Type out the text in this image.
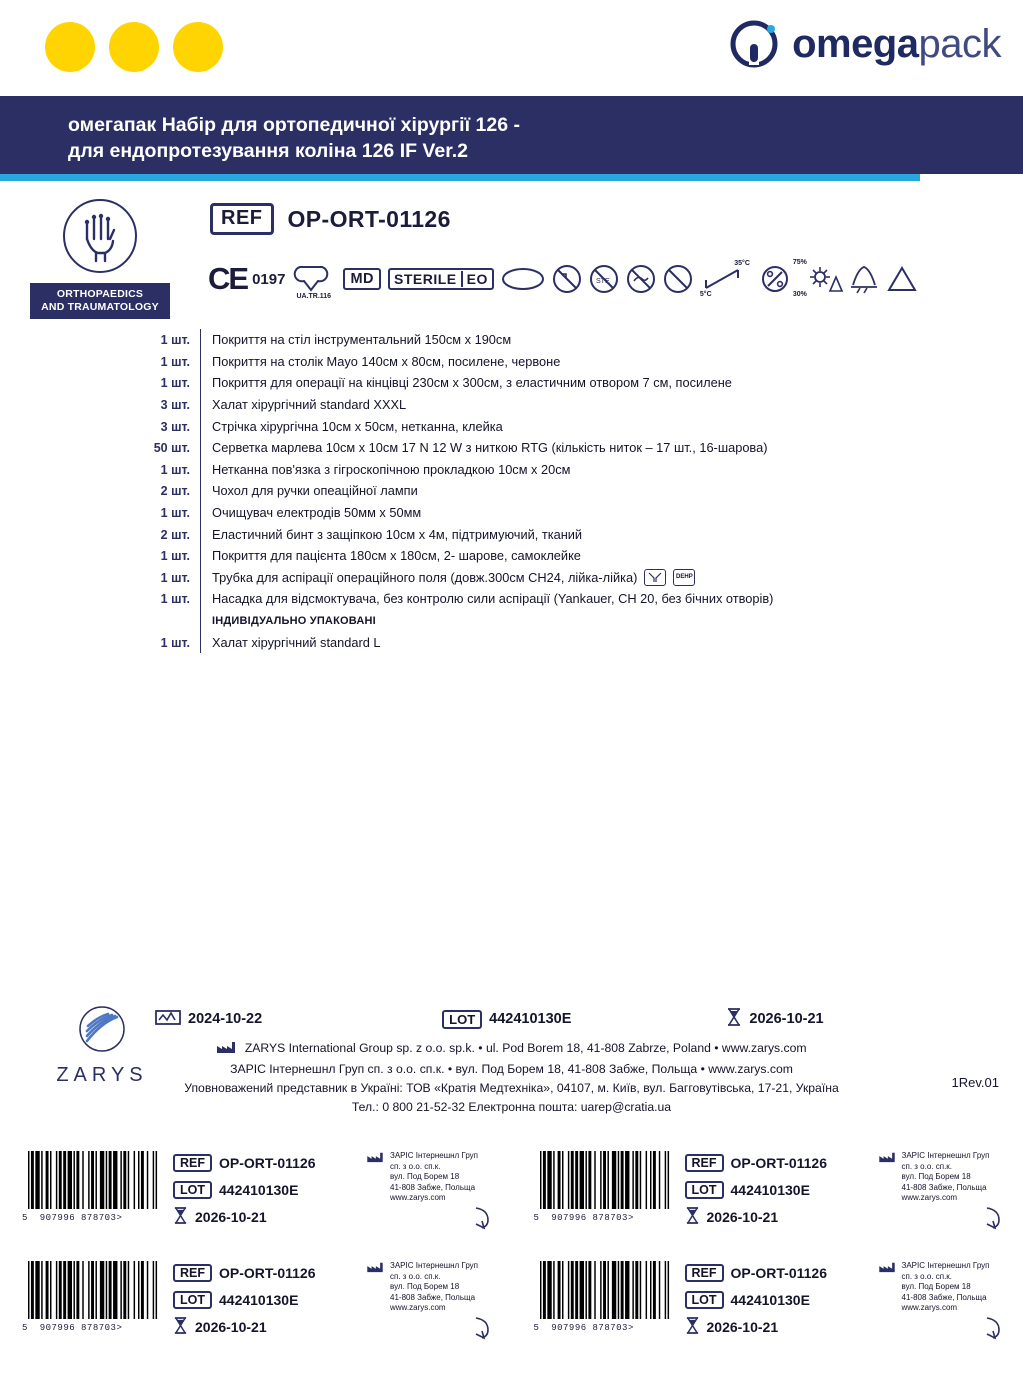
omegapack
омегапак Набір для ортопедичної хірургії 126 -
для ендопротезування коліна 126 IF Ver.2
ORTHOPAEDICS
AND TRAUMATOLOGY
REF	OP-ORT-01126
CE 0197
UA.TR.116
MD	STERILE EO	STE
35°C
5°C
75%
30%
1 шт.	Покриття на стіл інструментальний 150см x 190см
1 шт.	Покриття на столік Mayo 140см x 80см, посилене, червоне
1 шт.	Покриття для операції на кінцівці 230см x 300см, з еластичним отвором 7 см, посилене
3 шт.	Халат хірургічний standard XXXL
3 шт.	Стрічка хірургічна 10см х 50см, нетканна, клейка
50 шт.	Серветка марлева 10см x 10см 17 N 12 W з ниткою RTG (кількість ниток – 17 шт., 16-шарова)
1 шт.	Нетканна пов'язка з гігроскопічною прокладкою 10см x 20см
2 шт.	Чохол для ручки опеаційної лампи
1 шт.	Очищувач електродів 50мм x 50мм
2 шт.	Еластичний бинт з защіпкою 10см x 4м, підтримуючий, тканий
1 шт.	Покриття для пацієнта 180см x 180см, 2- шарове, самоклейке
1 шт.	Трубка для аспірації операційного поля (довж.300см CH24, лійка-лійка)	DEHP
1 шт.	Насадка для відсмоктувача, без контролю сили аспірації (Yankauer, CH 20, без бічних отворів)
ІНДИВІДУАЛЬНО УПАКОВАНІ
1 шт.	Халат хірургічний standard L
ZARYS
2024-10-22	LOT 442410130E	2026-10-21
ZARYS International Group sp. z o.o. sp.k. • ul. Pod Borem 18, 41-808 Zabrze, Poland • www.zarys.com
ЗАРІС Інтернешнл Груп сп. з о.о. сп.к. • вул. Под Борем 18, 41-808 Забже, Польща • www.zarys.com
Уповноважений представник в Україні: ТОВ «Кратія Медтехніка», 04107, м. Київ, вул. Багговутівська, 17-21, Україна
Тел.: 0 800 21-52-32 Електронна пошта: uarep@cratia.ua
1Rev.01
5 907996 878703>
REF	OP-ORT-01126
LOT	442410130E
2026-10-21
ЗАРІС Інтернешнл Груп
сп. з о.о. сп.к.
вул. Под Борем 18
41-808 Забже, Польща
www.zarys.com
5 907996 878703>
REF	OP-ORT-01126
LOT	442410130E
2026-10-21
ЗАРІС Інтернешнл Груп
сп. з о.о. сп.к.
вул. Под Борем 18
41-808 Забже, Польща
www.zarys.com
5 907996 878703>
REF	OP-ORT-01126
LOT	442410130E
2026-10-21
ЗАРІС Інтернешнл Груп
сп. з о.о. сп.к.
вул. Под Борем 18
41-808 Забже, Польща
www.zarys.com
5 907996 878703>
REF	OP-ORT-01126
LOT	442410130E
2026-10-21
ЗАРІС Інтернешнл Груп
сп. з о.о. сп.к.
вул. Под Борем 18
41-808 Забже, Польща
www.zarys.com
